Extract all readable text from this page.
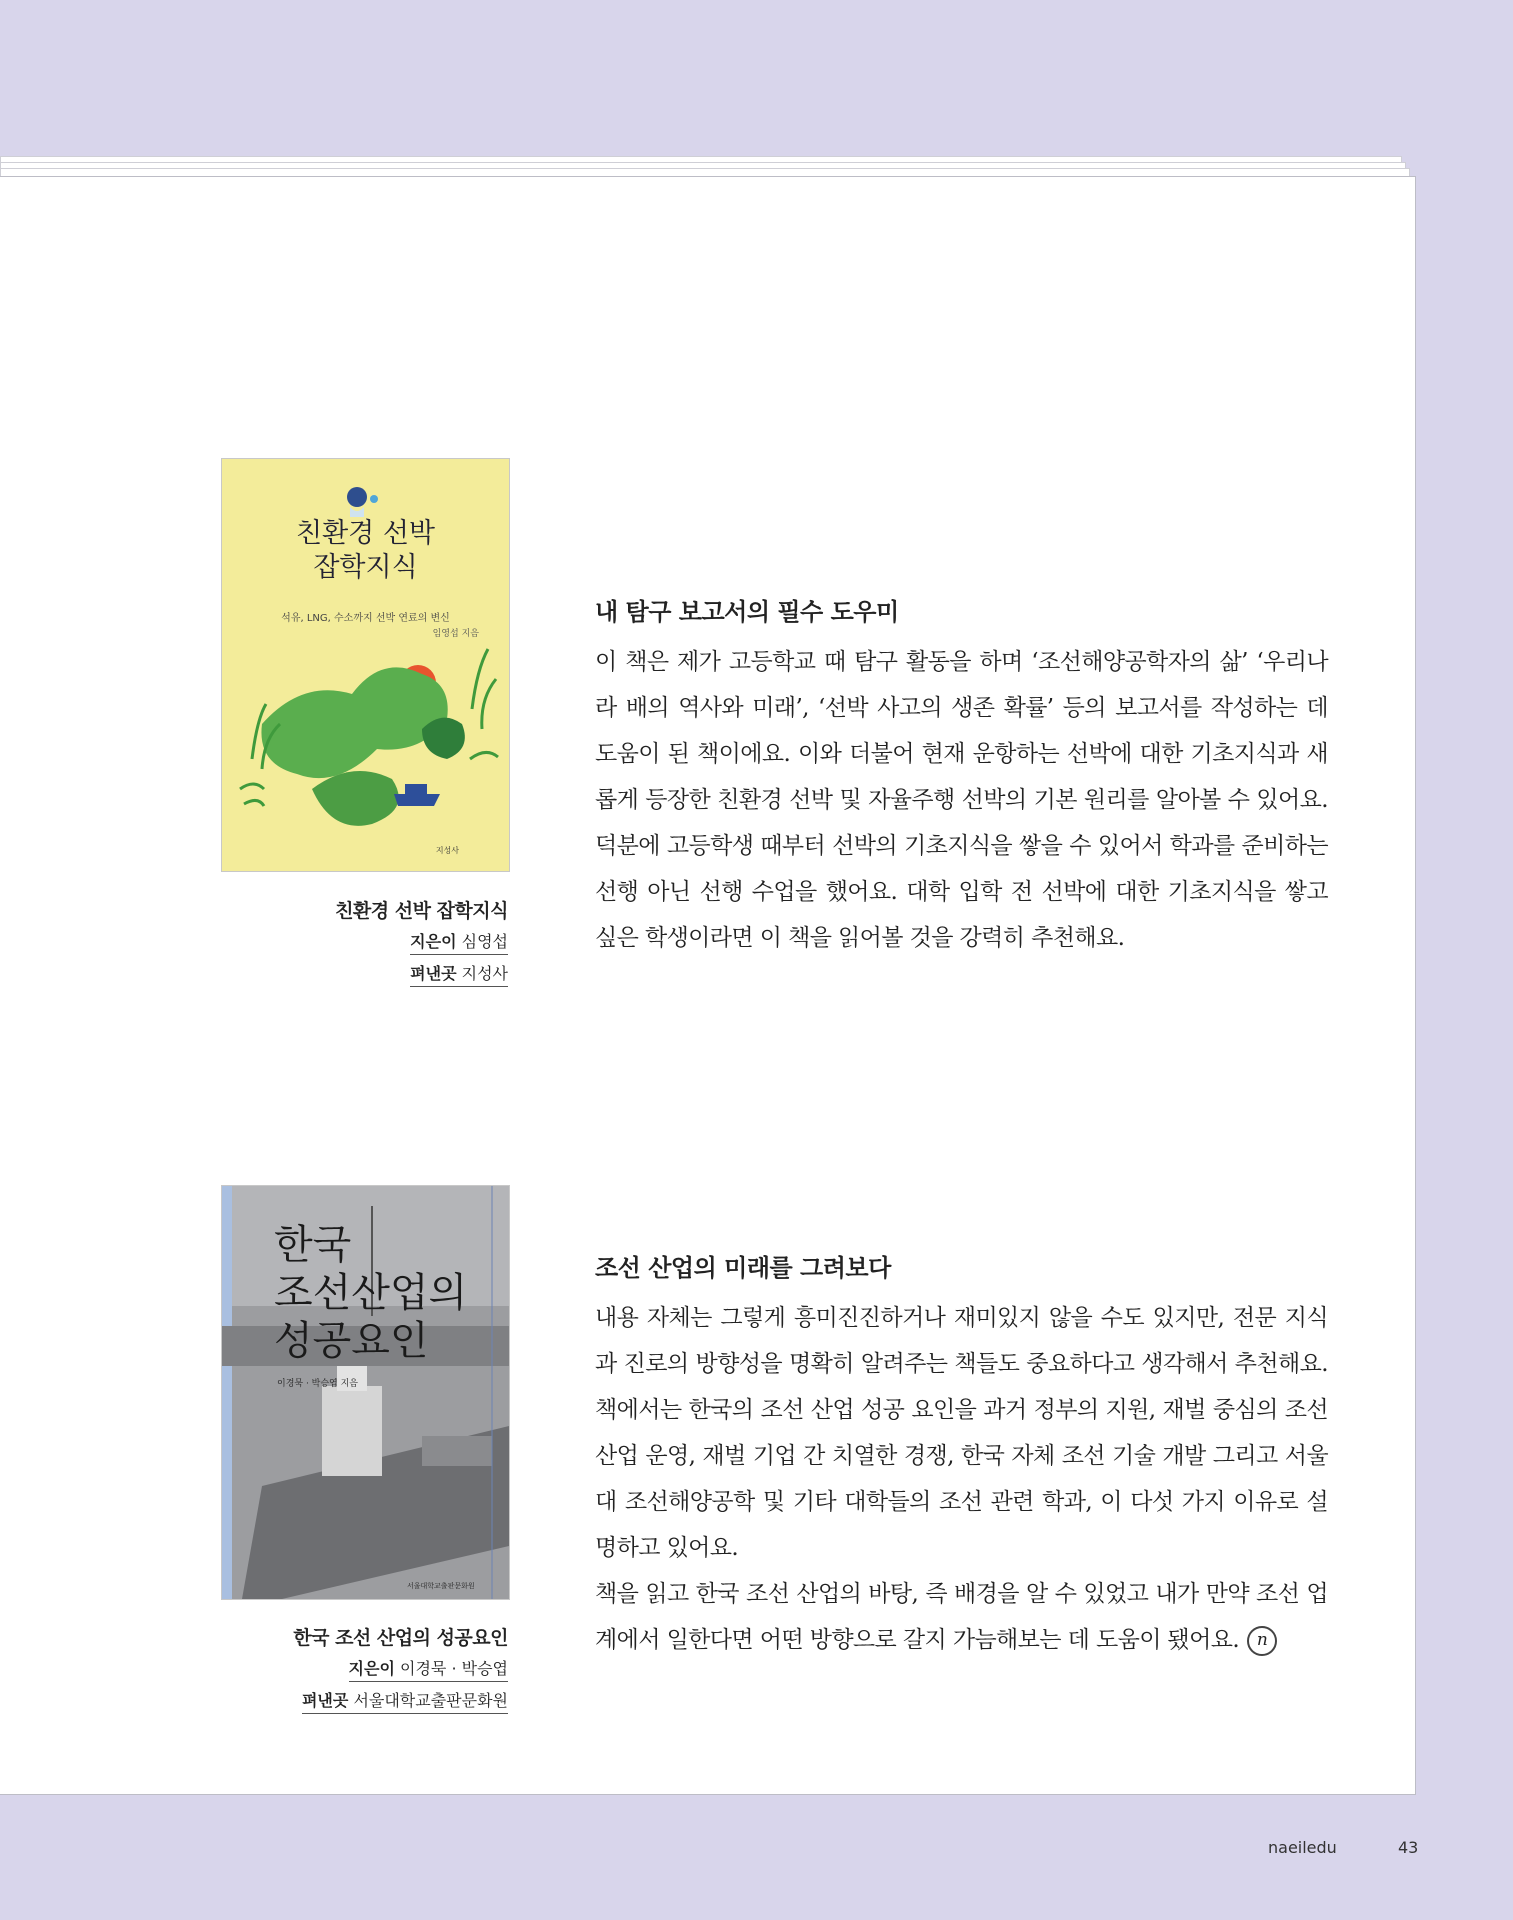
친환경 선박
잡학지식
석유, LNG, 수소까지 선박 연료의 변신
임영섭 지음
지성사
친환경 선박 잡학지식
지은이 심영섭
펴낸곳 지성사
내 탐구 보고서의 필수 도우미

이 책은 제가 고등학교 때 탐구 활동을 하며 ‘조선해양공학자의 삶’ ‘우리나라 배의 역사와 미래’, ‘선박 사고의 생존 확률’ 등의 보고서를 작성하는 데 도움이 된 책이에요. 이와 더불어 현재 운항하는 선박에 대한 기초지식과 새롭게 등장한 친환경 선박 및 자율주행 선박의 기본 원리를 알아볼 수 있어요. 덕분에 고등학생 때부터 선박의 기초지식을 쌓을 수 있어서 학과를 준비하는 선행 아닌 선행 수업을 했어요. 대학 입학 전 선박에 대한 기초지식을 쌓고 싶은 학생이라면 이 책을 읽어볼 것을 강력히 추천해요.

한국
조선산업의
성공요인
이경묵 · 박승엽 지음
서울대학교출판문화원
한국 조선 산업의 성공요인
지은이 이경묵 · 박승엽
펴낸곳 서울대학교출판문화원
조선 산업의 미래를 그려보다

내용 자체는 그렇게 흥미진진하거나 재미있지 않을 수도 있지만, 전문 지식과 진로의 방향성을 명확히 알려주는 책들도 중요하다고 생각해서 추천해요. 책에서는 한국의 조선 산업 성공 요인을 과거 정부의 지원, 재벌 중심의 조선 산업 운영, 재벌 기업 간 치열한 경쟁, 한국 자체 조선 기술 개발 그리고 서울대 조선해양공학 및 기타 대학들의 조선 관련 학과, 이 다섯 가지 이유로 설명하고 있어요.

책을 읽고 한국 조선 산업의 바탕, 즉 배경을 알 수 있었고 내가 만약 조선 업계에서 일한다면 어떤 방향으로 갈지 가늠해보는 데 도움이 됐어요. n

naeiledu	43
